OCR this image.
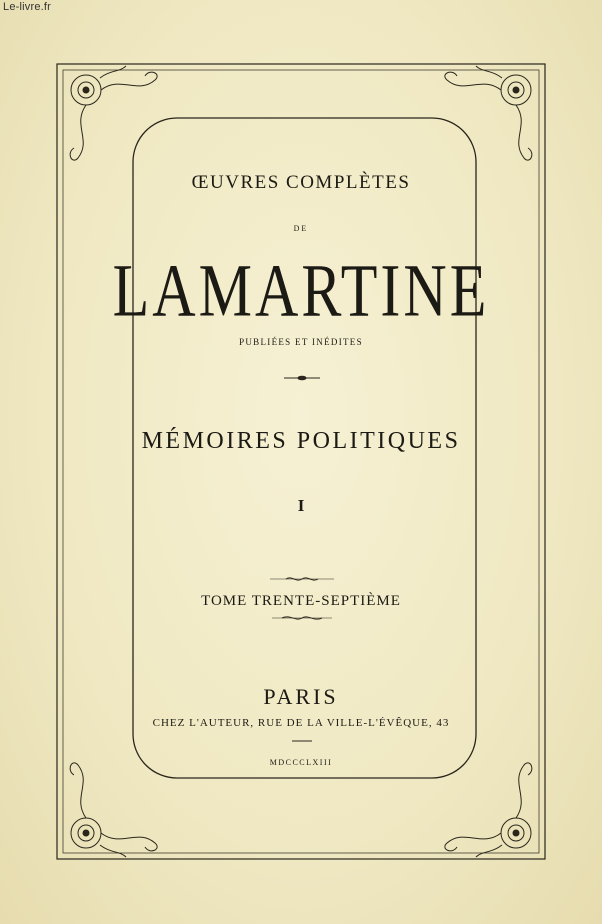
Le-livre.fr
ŒUVRES COMPLÈTES
DE
LAMARTINE
PUBLIÉES ET INÉDITES
MÉMOIRES POLITIQUES
I
TOME TRENTE-SEPTIÈME
PARIS
CHEZ L'AUTEUR, RUE DE LA VILLE-L'ÉVÊQUE, 43
MDCCCLXIII
